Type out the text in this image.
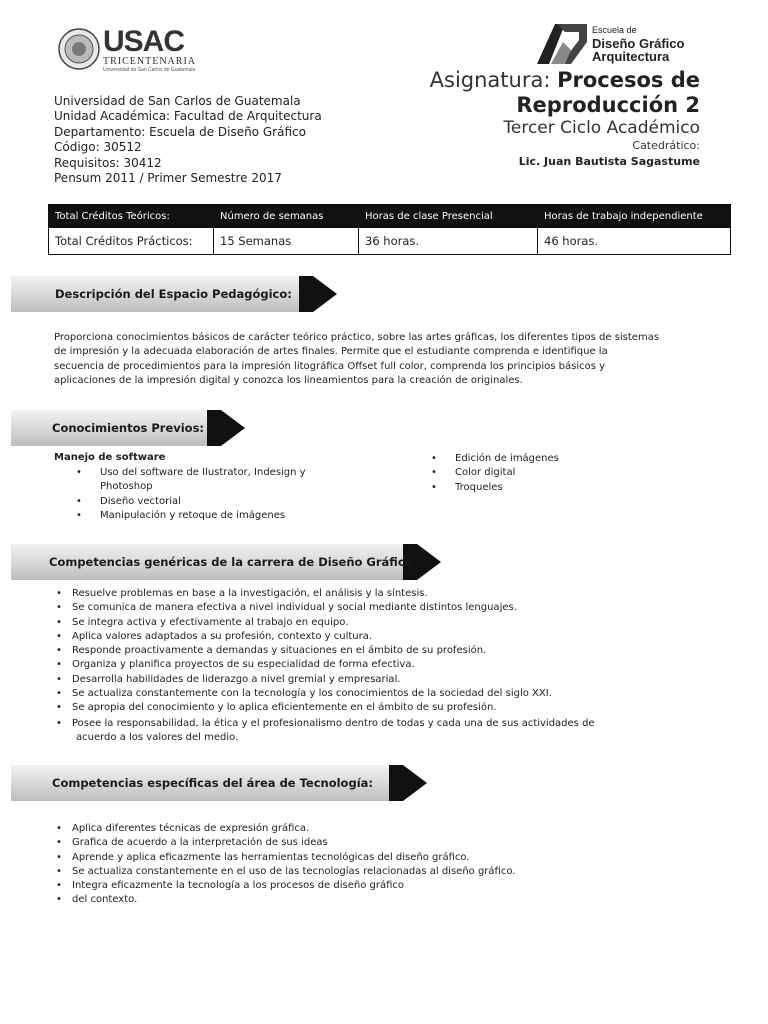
USAC
TRICENTENARIA
Universidad de San Carlos de Guatemala
Escuela de
Diseño Gráfico
Arquitectura
Asignatura: Procesos de
Reproducción 2
Tercer Ciclo Académico
Catedrático:
Lic. Juan Bautista Sagastume
Universidad de San Carlos de Guatemala
Unidad Académica: Facultad de Arquitectura
Departamento: Escuela de Diseño Gráfico
Código: 30512
Requisitos: 30412
Pensum 2011 / Primer Semestre 2017
Total Créditos Teóricos:	Número de semanas	Horas de clase Presencial	Horas de trabajo independiente
Total Créditos Prácticos:	15 Semanas	36 horas.	46 horas.
Descripción del Espacio Pedagógico:
Proporciona conocimientos básicos de carácter teórico práctico, sobre las artes gráficas, los diferentes tipos de sistemas
de impresión y la adecuada elaboración de artes finales. Permite que el estudiante comprenda e identifique la
secuencia de procedimientos para la impresión litográfica Offset full color, comprenda los principios básicos y
aplicaciones de la impresión digital y conozca los lineamientos para la creación de originales.
Conocimientos Previos:
Manejo de software
• Uso del software de Ilustrator, Indesign y
Photoshop
• Diseño vectorial
• Manipulación y retoque de imágenes
• Edición de imágenes
• Color digital
• Troqueles
Competencias genéricas de la carrera de Diseño Gráfico
• Resuelve problemas en base a la investigación, el análisis y la síntesis.
• Se comunica de manera efectiva a nivel individual y social mediante distintos lenguajes.
• Se integra activa y efectivamente al trabajo en equipo.
• Aplica valores adaptados a su profesión, contexto y cultura.
• Responde proactivamente a demandas y situaciones en el ámbito de su profesión.
• Organiza y planifica proyectos de su especialidad de forma efectiva.
• Desarrolla habilidades de liderazgo a nivel gremial y empresarial.
• Se actualiza constantemente con la tecnología y los conocimientos de la sociedad del siglo XXI.
• Se apropia del conocimiento y lo aplica eficientemente en el ámbito de su profesión.
• Posee la responsabilidad, la ética y el profesionalismo dentro de todas y cada una de sus actividades de
acuerdo a los valores del medio.
Competencias específicas del área de Tecnología:
• Aplica diferentes técnicas de expresión gráfica.
• Grafica de acuerdo a la interpretación de sus ideas
• Aprende y aplica eficazmente las herramientas tecnológicas del diseño gráfico.
• Se actualiza constantemente en el uso de las tecnologías relacionadas al diseño gráfico.
• Integra eficazmente la tecnología a los procesos de diseño gráfico
• del contexto.
